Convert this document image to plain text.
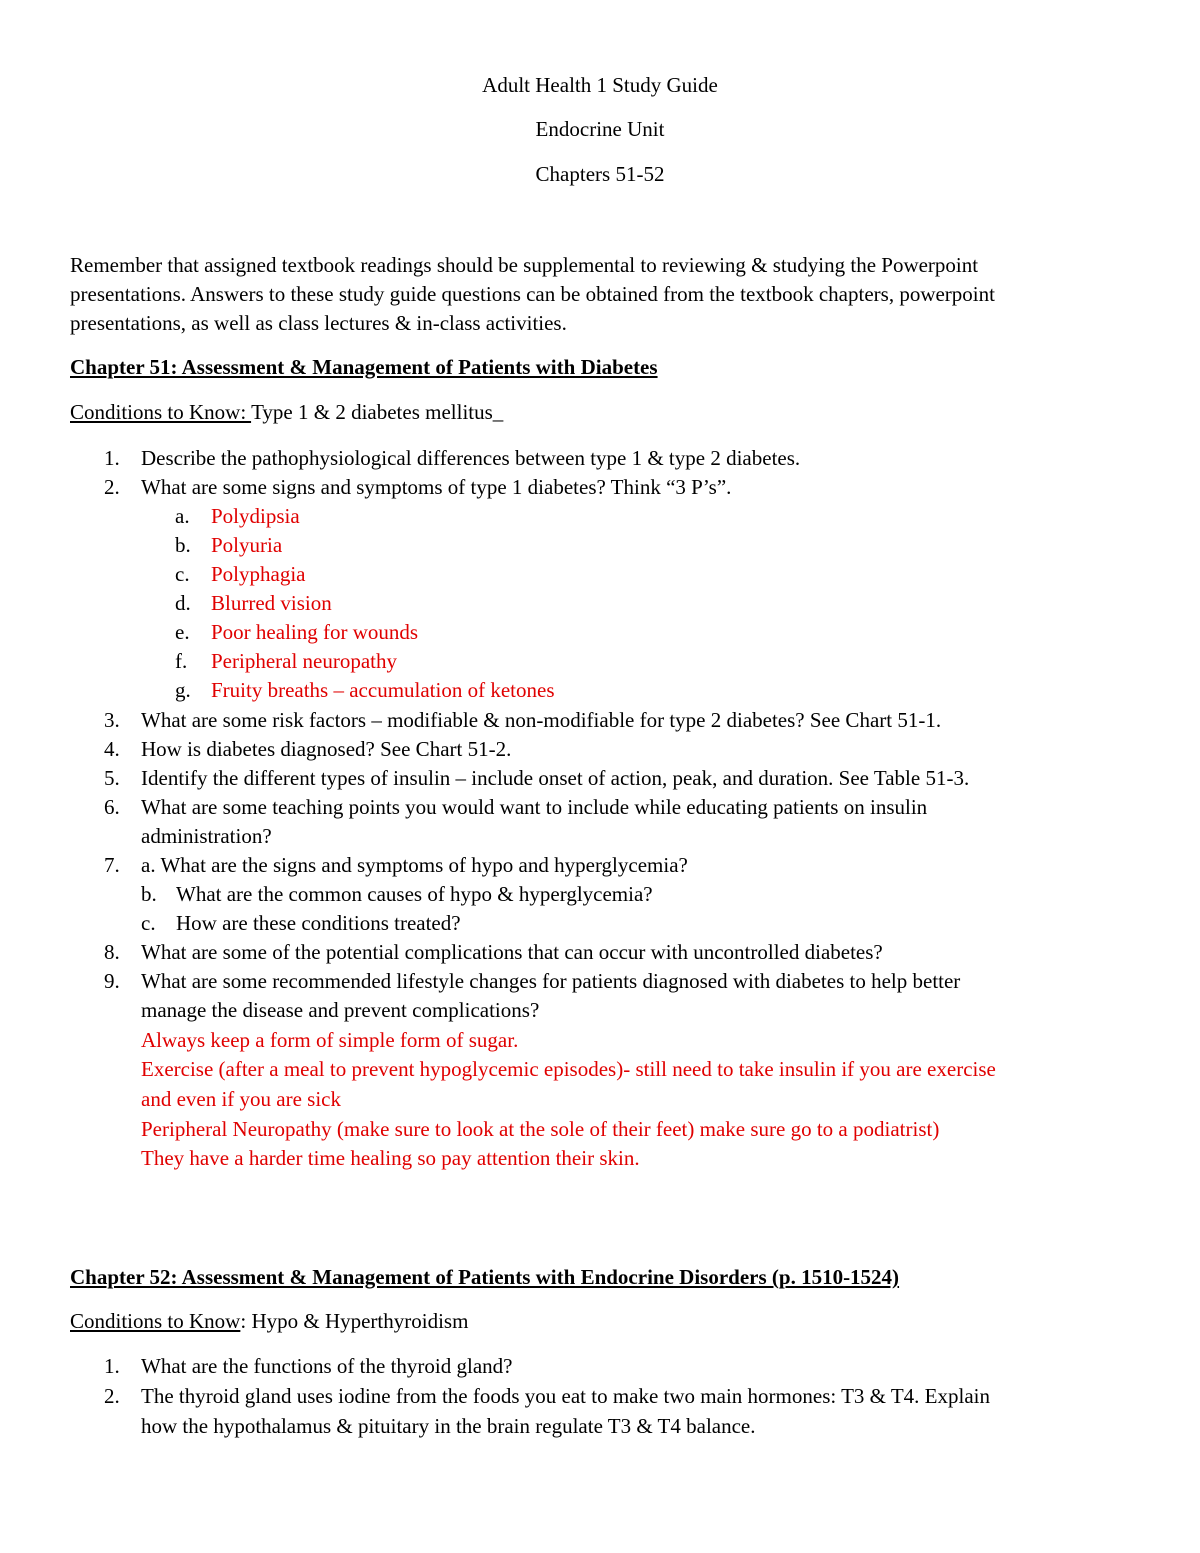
Adult Health 1 Study Guide
Endocrine Unit
Chapters 51-52
Remember that assigned textbook readings should be supplemental to reviewing & studying the Powerpoint
presentations. Answers to these study guide questions can be obtained from the textbook chapters, powerpoint
presentations, as well as class lectures & in-class activities.
Chapter 51: Assessment & Management of Patients with Diabetes
Conditions to Know: Type 1 & 2 diabetes mellitus_
1. Describe the pathophysiological differences between type 1 & type 2 diabetes.
2. What are some signs and symptoms of type 1 diabetes? Think “3 P’s”.
a. Polydipsia
b. Polyuria
c. Polyphagia
d. Blurred vision
e. Poor healing for wounds
f. Peripheral neuropathy
g. Fruity breaths – accumulation of ketones
3. What are some risk factors – modifiable & non-modifiable for type 2 diabetes? See Chart 51-1.
4. How is diabetes diagnosed? See Chart 51-2.
5. Identify the different types of insulin – include onset of action, peak, and duration. See Table 51-3.
6. What are some teaching points you would want to include while educating patients on insulin
administration?
7. a. What are the signs and symptoms of hypo and hyperglycemia?
b. What are the common causes of hypo & hyperglycemia?
c. How are these conditions treated?
8. What are some of the potential complications that can occur with uncontrolled diabetes?
9. What are some recommended lifestyle changes for patients diagnosed with diabetes to help better
manage the disease and prevent complications?
Always keep a form of simple form of sugar.
Exercise (after a meal to prevent hypoglycemic episodes)- still need to take insulin if you are exercise
and even if you are sick
Peripheral Neuropathy (make sure to look at the sole of their feet) make sure go to a podiatrist)
They have a harder time healing so pay attention their skin.
Chapter 52: Assessment & Management of Patients with Endocrine Disorders (p. 1510-1524)
Conditions to Know: Hypo & Hyperthyroidism
1. What are the functions of the thyroid gland?
2. The thyroid gland uses iodine from the foods you eat to make two main hormones: T3 & T4. Explain
how the hypothalamus & pituitary in the brain regulate T3 & T4 balance.
